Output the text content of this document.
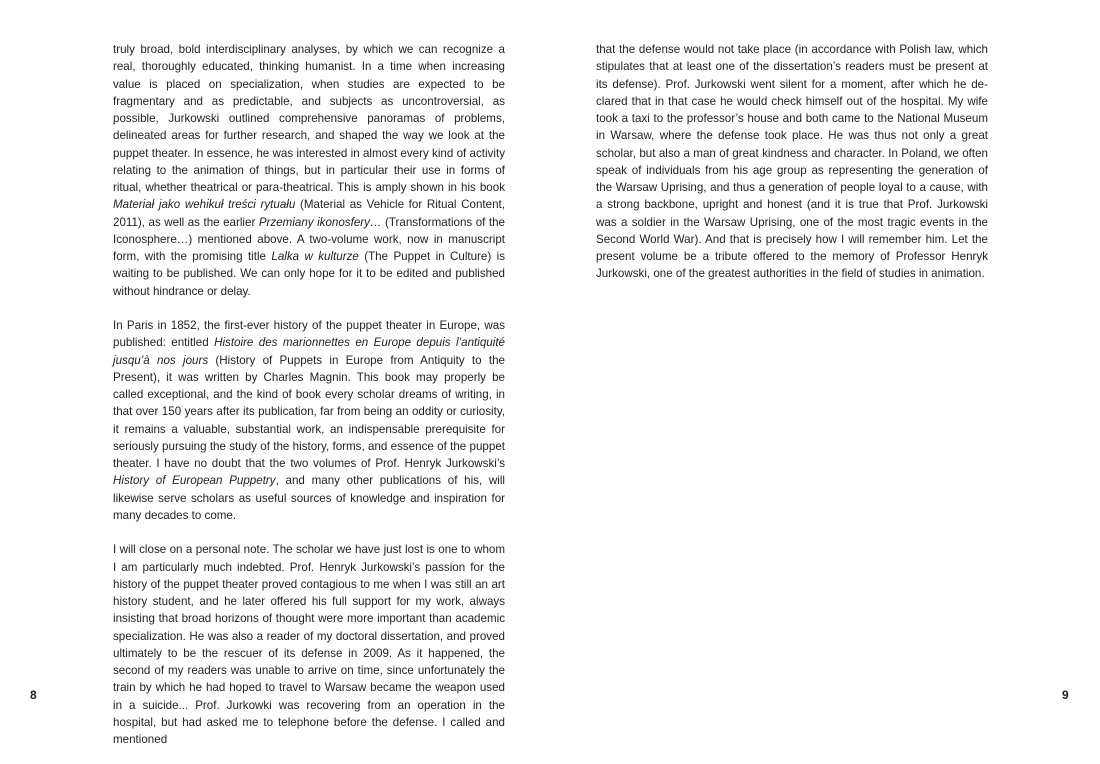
truly broad, bold interdisciplinary analyses, by which we can recognize a real, thoroughly educated, thinking humanist. In a time when increasing value is placed on specialization, when studies are expected to be fragmentary and as predictable, and subjects as uncontroversial, as possible, Jurkowski outlined comprehensive panoramas of problems, delineated areas for further research, and shaped the way we look at the puppet theater. In essence, he was interested in almost every kind of activity relating to the animation of things, but in particular their use in forms of ritual, whether theatrical or para-theatrical. This is amply shown in his book Materiał jako wehikuł treści rytuału (Material as Vehicle for Ritual Content, 2011), as well as the earlier Przemiany ikonosfery… (Transformations of the Iconosphere…) mentioned above. A two-volume work, now in manuscript form, with the promising title Lalka w kulturze (The Puppet in Culture) is waiting to be published. We can only hope for it to be edited and published without hindrance or delay.

In Paris in 1852, the first-ever history of the puppet theater in Europe, was published: entitled Histoire des marionnettes en Europe depuis l’antiquité jusqu’à nos jours (History of Puppets in Europe from Antiquity to the Present), it was written by Charles Magnin. This book may properly be called exceptional, and the kind of book every scholar dreams of writing, in that over 150 years after its publication, far from being an oddity or curiosity, it remains a valuable, substantial work, an indispensable prerequisite for seriously pursuing the study of the history, forms, and essence of the puppet theater. I have no doubt that the two volumes of Prof. Henryk Jurkowski’s History of European Puppetry, and many other publications of his, will likewise serve scholars as useful sources of knowledge and inspiration for many decades to come.

I will close on a personal note. The scholar we have just lost is one to whom I am particularly much indebted. Prof. Henryk Jurkowski’s passion for the history of the puppet theater proved contagious to me when I was still an art history student, and he later offered his full support for my work, always insisting that broad horizons of thought were more important than academic specialization. He was also a reader of my doctoral dissertation, and proved ultimately to be the rescuer of its defense in 2009. As it happened, the second of my readers was unable to arrive on time, since unfortunately the train by which he had hoped to travel to Warsaw became the weapon used in a suicide... Prof. Jurkowki was recovering from an operation in the hospital, but had asked me to telephone before the defense. I called and mentioned

8

that the defense would not take place (in accordance with Polish law, which stipulates that at least one of the dissertation’s readers must be present at its defense). Prof. Jurkowski went silent for a moment, after which he declared that in that case he would check himself out of the hospital. My wife took a taxi to the professor’s house and both came to the National Museum in Warsaw, where the defense took place. He was thus not only a great scholar, but also a man of great kindness and character. In Poland, we often speak of individuals from his age group as representing the generation of the Warsaw Uprising, and thus a generation of people loyal to a cause, with a strong backbone, upright and honest (and it is true that Prof. Jurkowski was a soldier in the Warsaw Uprising, one of the most tragic events in the Second World War). And that is precisely how I will remember him. Let the present volume be a tribute offered to the memory of Professor Henryk Jurkowski, one of the greatest authorities in the field of studies in animation.

9
